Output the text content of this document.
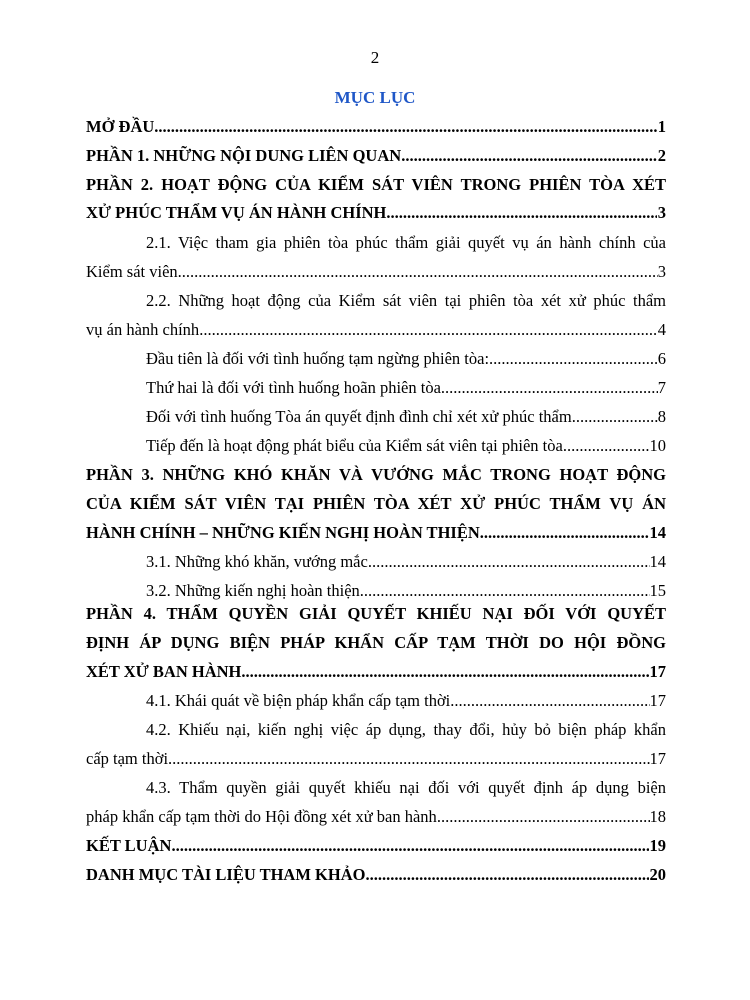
2
MỤC LỤC
MỞ ĐẦU .....	1
PHẦN 1. NHỮNG NỘI DUNG LIÊN QUAN .....	2
PHẦN 2. HOẠT ĐỘNG CỦA KIỂM SÁT VIÊN TRONG PHIÊN TÒA XÉT
XỬ PHÚC THẨM VỤ ÁN HÀNH CHÍNH .....	3
2.1. Việc tham gia phiên tòa phúc thẩm giải quyết vụ án hành chính của
Kiểm sát viên .....	3
2.2. Những hoạt động của Kiểm sát viên tại phiên tòa xét xử phúc thẩm
vụ án hành chính .....	4
Đầu tiên là đối với tình huống tạm ngừng phiên tòa: .....	6
Thứ hai là đối với tình huống hoãn phiên tòa .....	7
Đối với tình huống Tòa án quyết định đình chỉ xét xử phúc thẩm .....	8
Tiếp đến là hoạt động phát biểu của Kiểm sát viên tại phiên tòa .....	10
PHẦN 3. NHỮNG KHÓ KHĂN VÀ VƯỚNG MẮC TRONG HOẠT ĐỘNG
CỦA KIỂM SÁT VIÊN TẠI PHIÊN TÒA XÉT XỬ PHÚC THẨM VỤ ÁN
HÀNH CHÍNH – NHỮNG KIẾN NGHỊ HOÀN THIỆN .....	14
3.1. Những khó khăn, vướng mắc .....	14
3.2. Những kiến nghị hoàn thiện .....	15
PHẦN 4. THẨM QUYỀN GIẢI QUYẾT KHIẾU NẠI ĐỐI VỚI QUYẾT
ĐỊNH ÁP DỤNG BIỆN PHÁP KHẨN CẤP TẠM THỜI DO HỘI ĐỒNG
XÉT XỬ BAN HÀNH .....	17
4.1. Khái quát về biện pháp khẩn cấp tạm thời .....	17
4.2. Khiếu nại, kiến nghị việc áp dụng, thay đổi, hủy bỏ biện pháp khẩn
cấp tạm thời .....	17
4.3. Thẩm quyền giải quyết khiếu nại đối với quyết định áp dụng biện
pháp khẩn cấp tạm thời do Hội đồng xét xử ban hành .....	18
KẾT LUẬN .....	19
DANH MỤC TÀI LIỆU THAM KHẢO .....	20
